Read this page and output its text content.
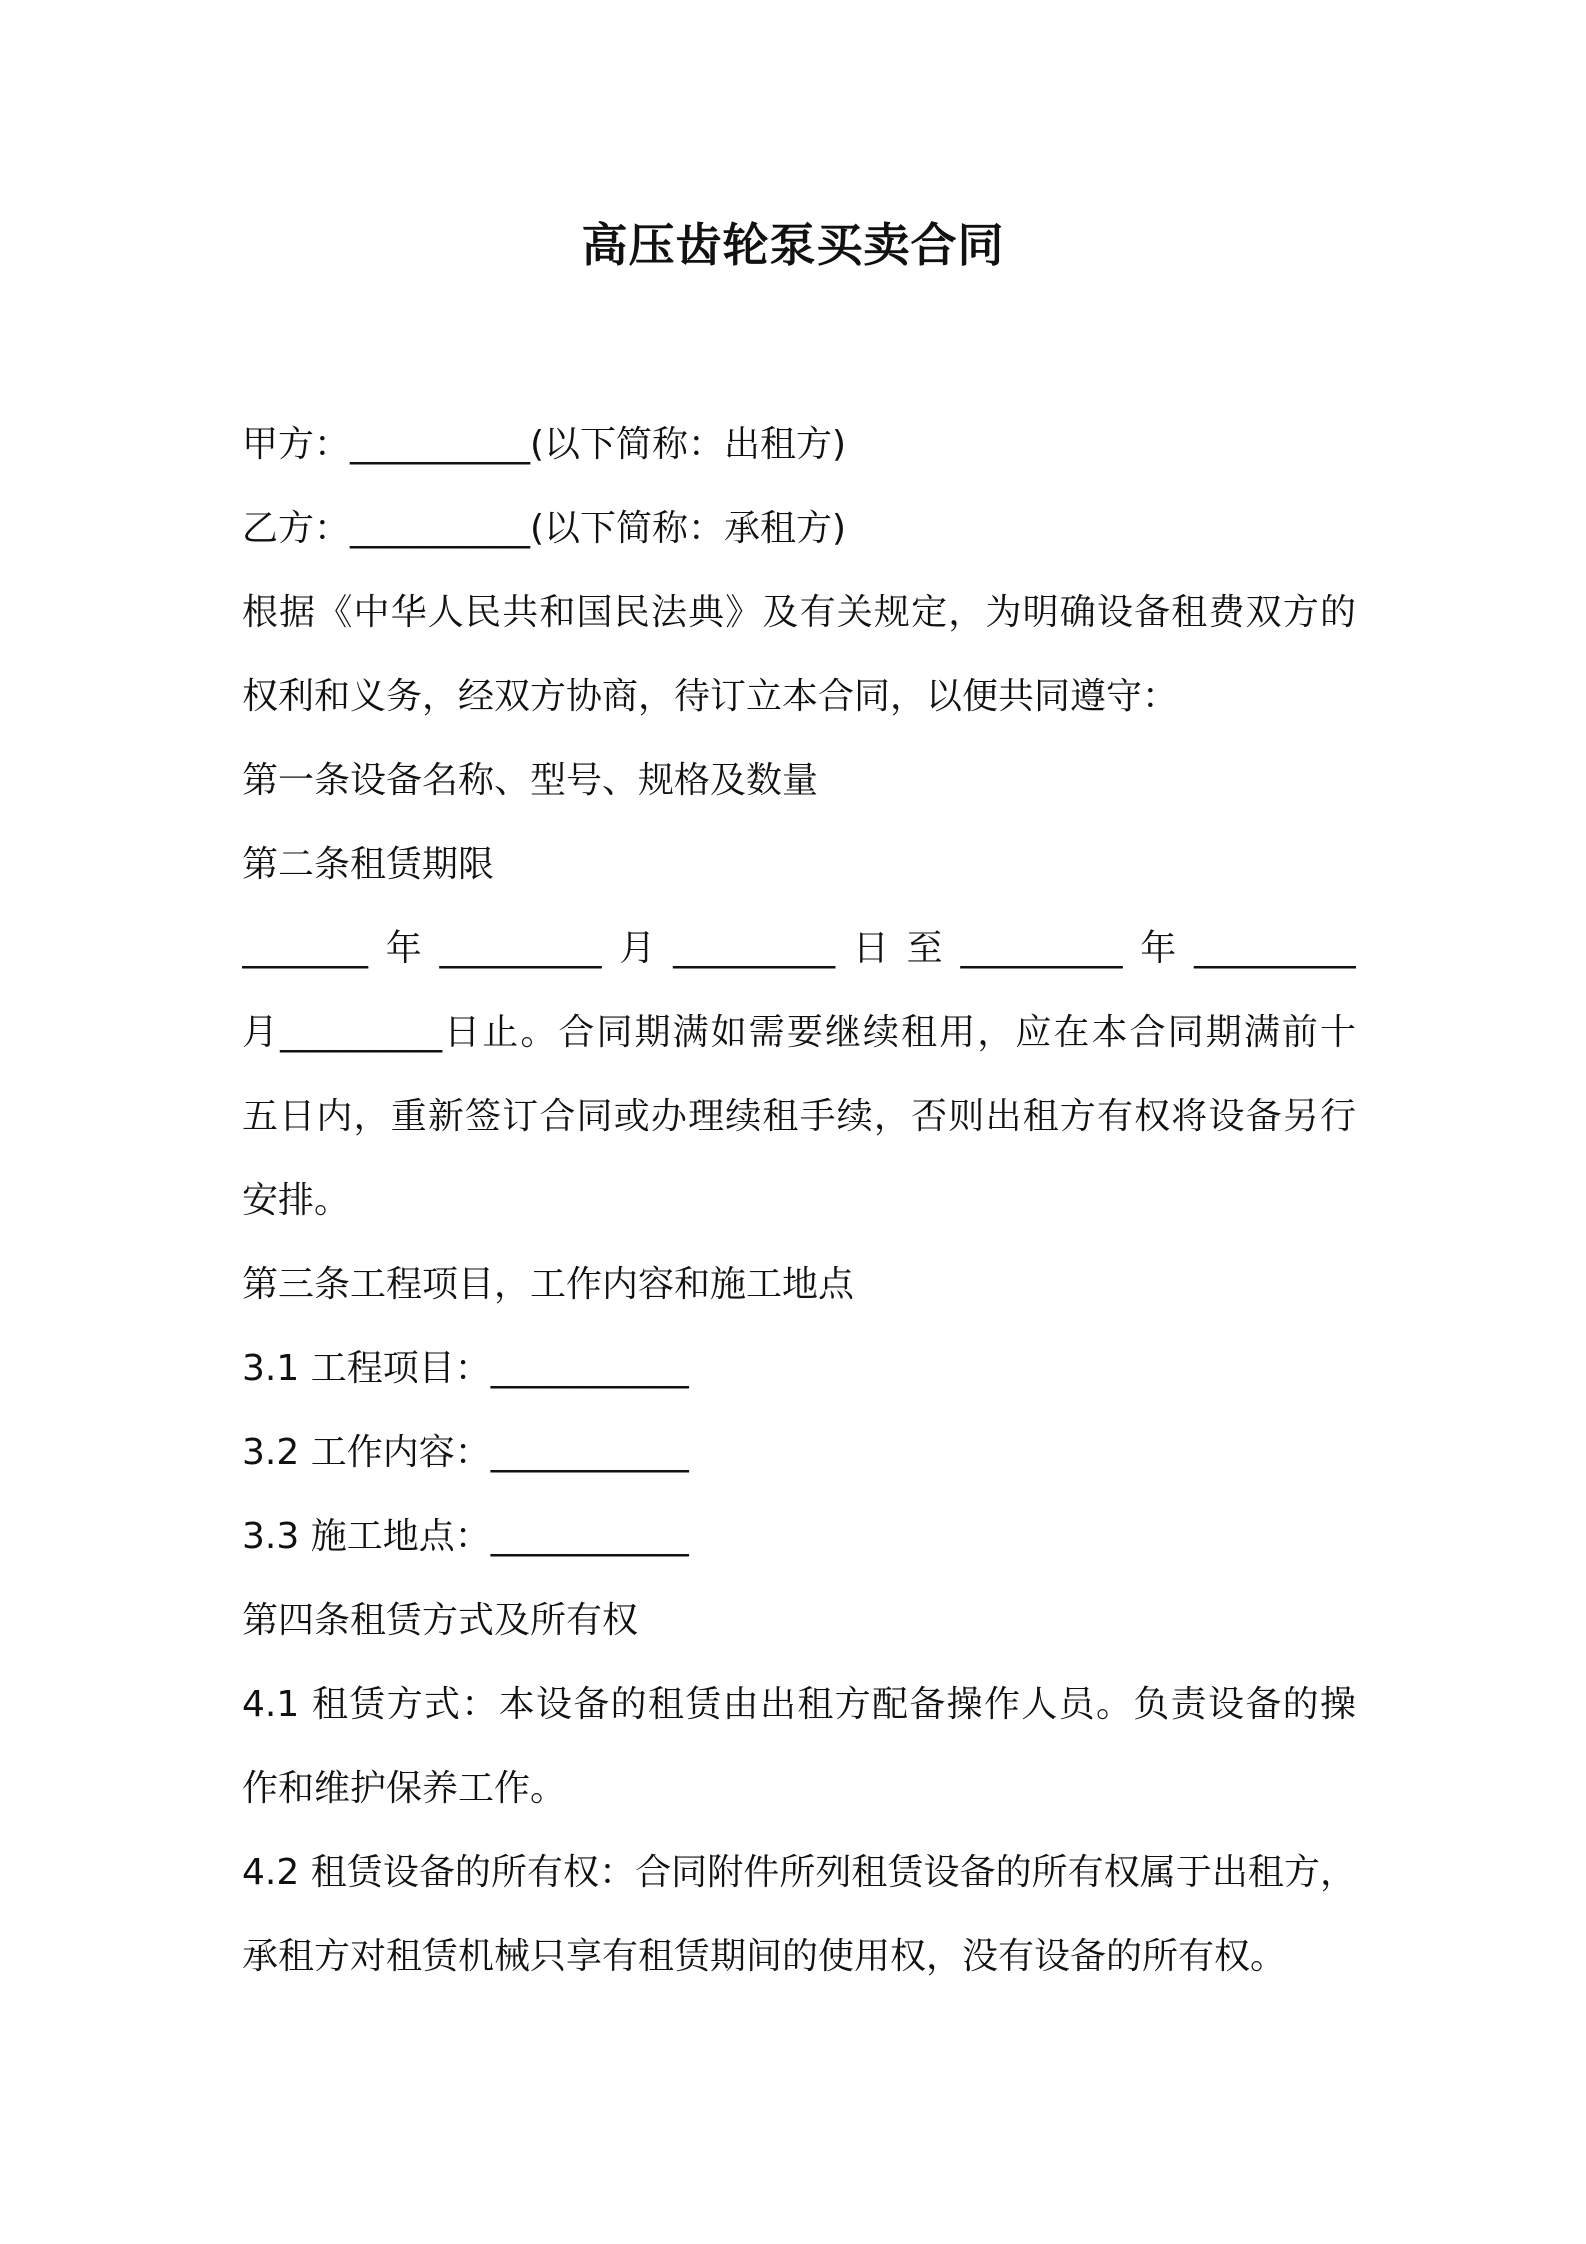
高压齿轮泵买卖合同
甲方：__________(以下简称：出租方)
乙方：__________(以下简称：承租方)
根据《中华人民共和国民法典》及有关规定，为明确设备租费双方的
权利和义务，经双方协商，待订立本合同，以便共同遵守：
第一条设备名称、型号、规格及数量
第二条租赁期限
_______年_________月_________日至_________年_________
月_________日止。合同期满如需要继续租用，应在本合同期满前十
五日内，重新签订合同或办理续租手续，否则出租方有权将设备另行
安排。
第三条工程项目，工作内容和施工地点
3.1 工程项目：___________
3.2 工作内容：___________
3.3 施工地点：___________
第四条租赁方式及所有权
4.1 租赁方式：本设备的租赁由出租方配备操作人员。负责设备的操
作和维护保养工作。
4.2 租赁设备的所有权：合同附件所列租赁设备的所有权属于出租方，
承租方对租赁机械只享有租赁期间的使用权，没有设备的所有权。
